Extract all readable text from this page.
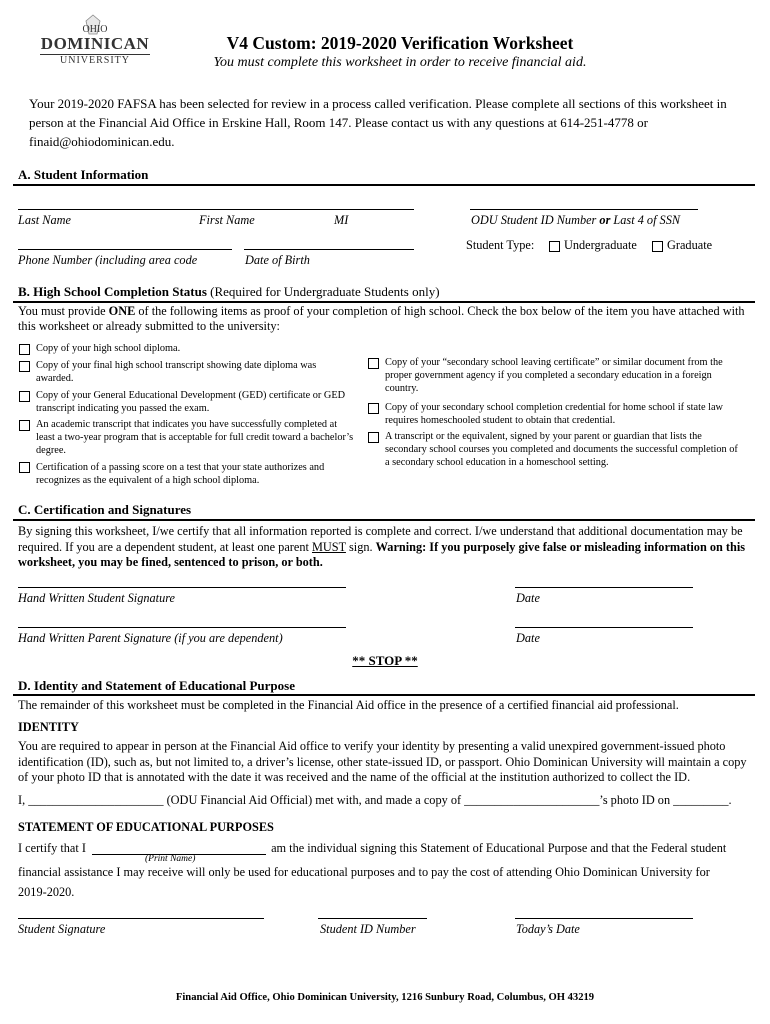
OHIO
DOMINICAN
UNIVERSITY
V4 Custom: 2019-2020 Verification Worksheet
You must complete this worksheet in order to receive financial aid.
Your 2019-2020 FAFSA has been selected for review in a process called verification. Please complete all sections of this worksheet in person at the Financial Aid Office in Erskine Hall, Room 147. Please contact us with any questions at 614-251-4778 or finaid@ohiodominican.edu.
A. Student Information
Last Name	First Name	MI	ODU Student ID Number or Last 4 of SSN
Phone Number (including area code	Date of Birth
Student Type: Undergraduate Graduate
B. High School Completion Status (Required for Undergraduate Students only)
You must provide ONE of the following items as proof of your completion of high school. Check the box below of the item you have attached with this worksheet or already submitted to the university:
Copy of your high school diploma.
Copy of your final high school transcript showing date diploma was awarded.
Copy of your General Educational Development (GED) certificate or GED transcript indicating you passed the exam.
An academic transcript that indicates you have successfully completed at least a two-year program that is acceptable for full credit toward a bachelor’s degree.
Certification of a passing score on a test that your state authorizes and recognizes as the equivalent of a high school diploma.
Copy of your “secondary school leaving certificate” or similar document from the proper government agency if you completed a secondary education in a foreign country.
Copy of your secondary school completion credential for home school if state law requires homeschooled student to obtain that credential.
A transcript or the equivalent, signed by your parent or guardian that lists the secondary school courses you completed and documents the successful completion of a secondary school education in a homeschool setting.
C. Certification and Signatures
By signing this worksheet, I/we certify that all information reported is complete and correct. I/we understand that additional documentation may be required. If you are a dependent student, at least one parent MUST sign. Warning: If you purposely give false or misleading information on this worksheet, you may be fined, sentenced to prison, or both.
Hand Written Student Signature	Date
Hand Written Parent Signature (if you are dependent)	Date
** STOP **
D. Identity and Statement of Educational Purpose
The remainder of this worksheet must be completed in the Financial Aid office in the presence of a certified financial aid professional.
IDENTITY
You are required to appear in person at the Financial Aid office to verify your identity by presenting a valid unexpired government-issued photo identification (ID), such as, but not limited to, a driver’s license, other state-issued ID, or passport. Ohio Dominican University will maintain a copy of your photo ID that is annotated with the date it was received and the name of the official at the institution authorized to collect the ID.
I, ______________________ (ODU Financial Aid Official) met with, and made a copy of ______________________’s photo ID on _________.
STATEMENT OF EDUCATIONAL PURPOSES
I certify that I
(Print Name)
am the individual signing this Statement of Educational Purpose and that the Federal student
financial assistance I may receive will only be used for educational purposes and to pay the cost of attending Ohio Dominican University for
2019-2020.
Student Signature	Student ID Number	Today’s Date
Financial Aid Office, Ohio Dominican University, 1216 Sunbury Road, Columbus, OH 43219
